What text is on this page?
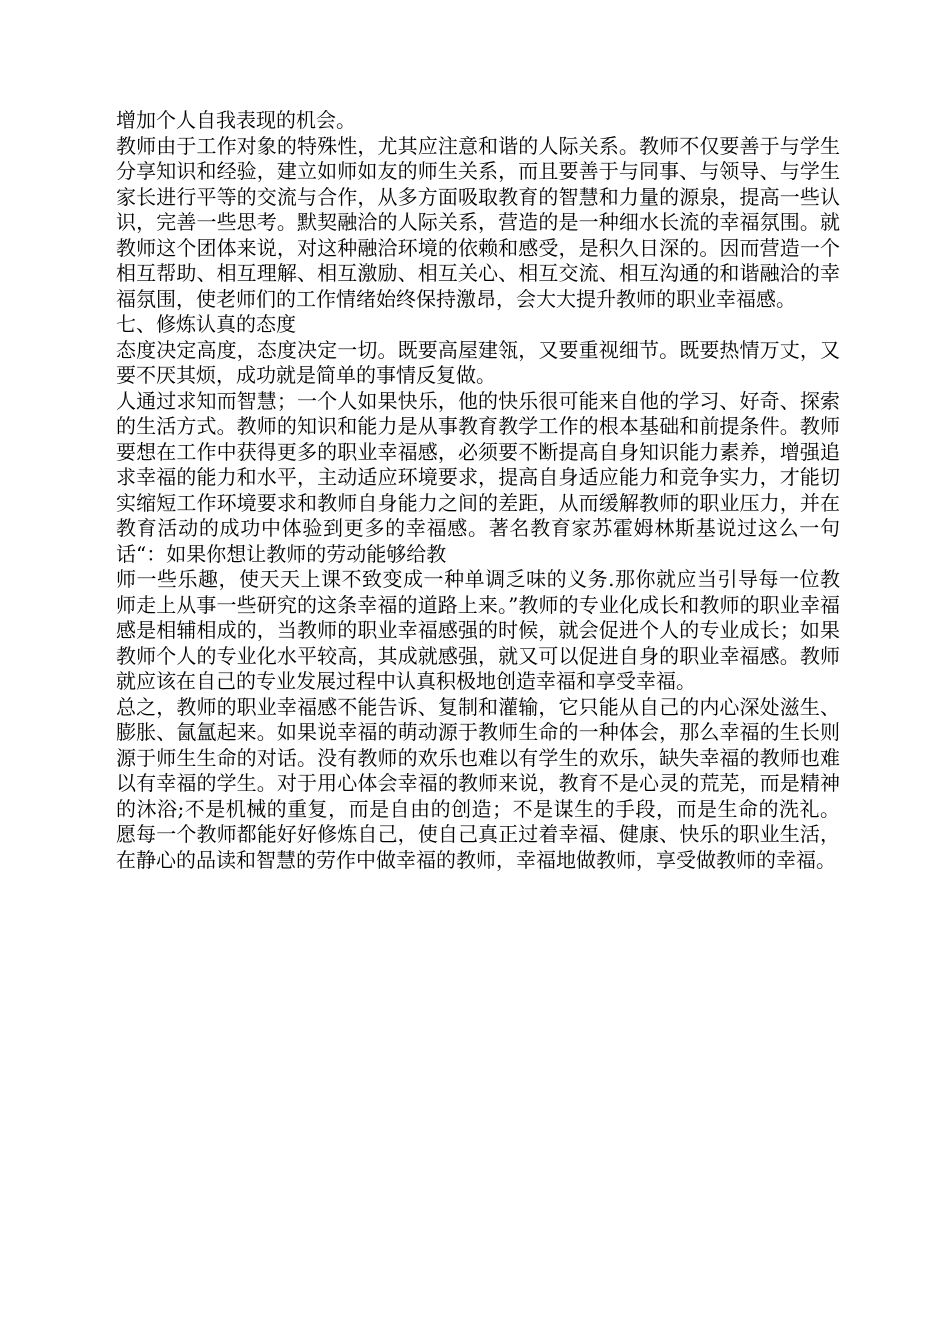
增加个人自我表现的机会。

教师由于工作对象的特殊性，尤其应注意和谐的人际关系。教师不仅要善于与学生分享知识和经验，建立如师如友的师生关系，而且要善于与同事、与领导、与学生家长进行平等的交流与合作，从多方面吸取教育的智慧和力量的源泉，提高一些认识，完善一些思考。默契融洽的人际关系，营造的是一种细水长流的幸福氛围。就教师这个团体来说，对这种融洽环境的依赖和感受，是积久日深的。因而营造一个相互帮助、相互理解、相互激励、相互关心、相互交流、相互沟通的和谐融洽的幸福氛围，使老师们的工作情绪始终保持激昂，会大大提升教师的职业幸福感。

七、修炼认真的态度

态度决定高度，态度决定一切。既要高屋建瓴，又要重视细节。既要热情万丈，又要不厌其烦，成功就是简单的事情反复做。

人通过求知而智慧；一个人如果快乐，他的快乐很可能来自他的学习、好奇、探索的生活方式。教师的知识和能力是从事教育教学工作的根本基础和前提条件。教师要想在工作中获得更多的职业幸福感，必须要不断提高自身知识能力素养，增强追求幸福的能力和水平，主动适应环境要求，提高自身适应能力和竞争实力，才能切实缩短工作环境要求和教师自身能力之间的差距，从而缓解教师的职业压力，并在教育活动的成功中体验到更多的幸福感。著名教育家苏霍姆林斯基说过这么一句话“：如果你想让教师的劳动能够给教

师一些乐趣，使天天上课不致变成一种单调乏味的义务.那你就应当引导每一位教师走上从事一些研究的这条幸福的道路上来。”教师的专业化成长和教师的职业幸福感是相辅相成的，当教师的职业幸福感强的时候，就会促进个人的专业成长；如果教师个人的专业化水平较高，其成就感强，就又可以促进自身的职业幸福感。教师就应该在自己的专业发展过程中认真积极地创造幸福和享受幸福。

总之，教师的职业幸福感不能告诉、复制和灌输，它只能从自己的内心深处滋生、膨胀、氤氲起来。如果说幸福的萌动源于教师生命的一种体会，那么幸福的生长则源于师生生命的对话。没有教师的欢乐也难以有学生的欢乐，缺失幸福的教师也难以有幸福的学生。对于用心体会幸福的教师来说，教育不是心灵的荒芜，而是精神的沐浴;不是机械的重复，而是自由的创造；不是谋生的手段，而是生命的洗礼。愿每一个教师都能好好修炼自己，使自己真正过着幸福、健康、快乐的职业生活，在静心的品读和智慧的劳作中做幸福的教师，幸福地做教师，享受做教师的幸福。
